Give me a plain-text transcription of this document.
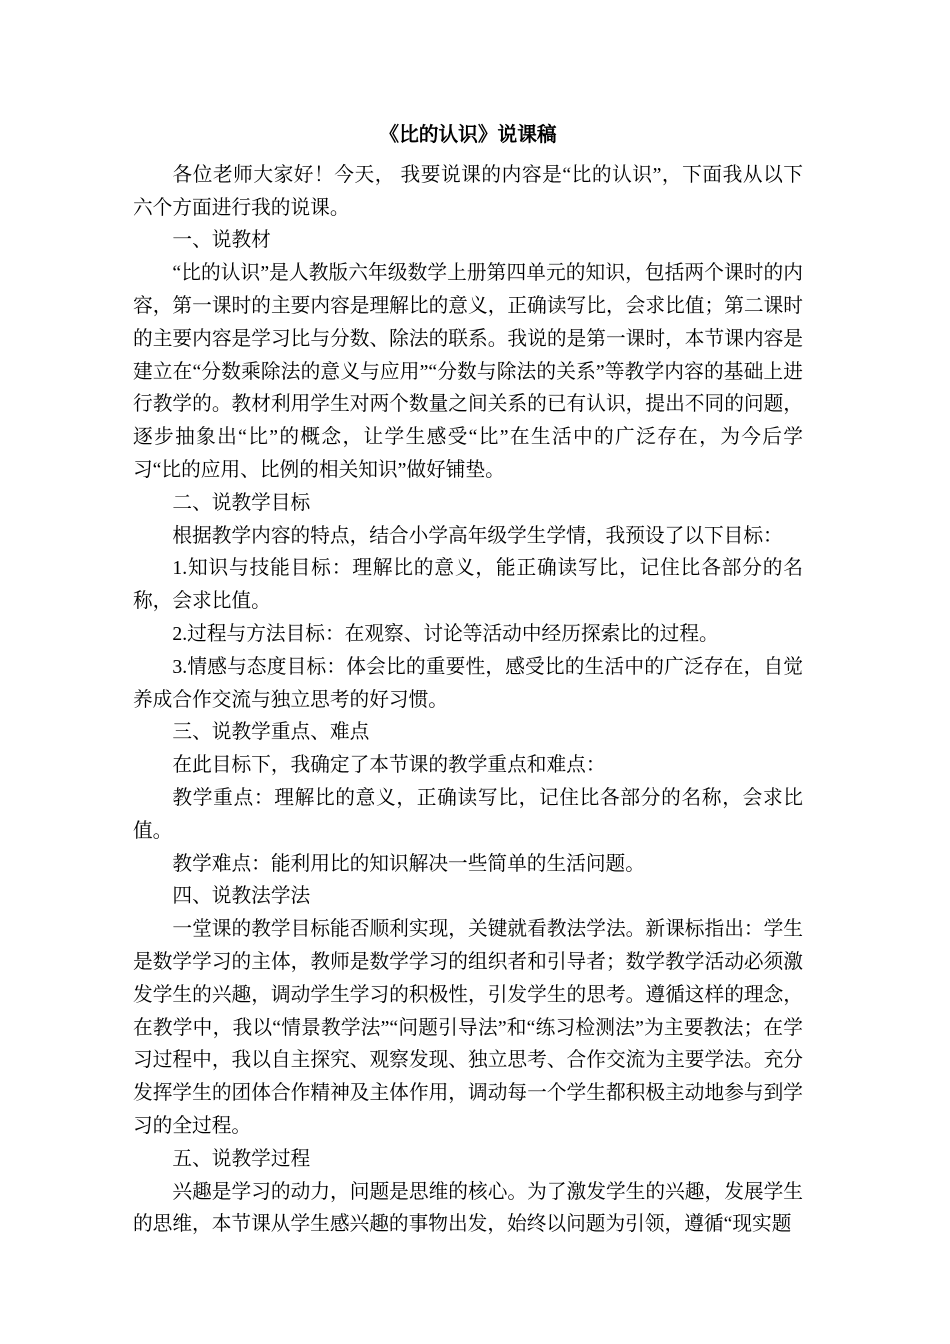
《比的认识》说课稿

各位老师大家好！今天， 我要说课的内容是“比的认识”，下面我从以下六个方面进行我的说课。

一、说教材

“比的认识”是人教版六年级数学上册第四单元的知识，包括两个课时的内容，第一课时的主要内容是理解比的意义，正确读写比，会求比值；第二课时的主要内容是学习比与分数、除法的联系。我说的是第一课时，本节课内容是建立在“分数乘除法的意义与应用”“分数与除法的关系”等教学内容的基础上进行教学的。教材利用学生对两个数量之间关系的已有认识，提出不同的问题，逐步抽象出“比”的概念，让学生感受“比”在生活中的广泛存在，为今后学习“比的应用、比例的相关知识”做好铺垫。

二、说教学目标

根据教学内容的特点，结合小学高年级学生学情，我预设了以下目标：

1.知识与技能目标：理解比的意义，能正确读写比，记住比各部分的名称，会求比值。

2.过程与方法目标：在观察、讨论等活动中经历探索比的过程。

3.情感与态度目标：体会比的重要性，感受比的生活中的广泛存在，自觉养成合作交流与独立思考的好习惯。

三、说教学重点、难点

在此目标下，我确定了本节课的教学重点和难点：

教学重点：理解比的意义，正确读写比，记住比各部分的名称，会求比值。

教学难点：能利用比的知识解决一些简单的生活问题。

四、说教法学法

一堂课的教学目标能否顺利实现，关键就看教法学法。新课标指出：学生是数学学习的主体，教师是数学学习的组织者和引导者；数学教学活动必须激发学生的兴趣，调动学生学习的积极性，引发学生的思考。遵循这样的理念，在教学中，我以“情景教学法”“问题引导法”和“练习检测法”为主要教法；在学习过程中，我以自主探究、观察发现、独立思考、合作交流为主要学法。充分发挥学生的团体合作精神及主体作用，调动每一个学生都积极主动地参与到学习的全过程。

五、说教学过程

兴趣是学习的动力，问题是思维的核心。为了激发学生的兴趣，发展学生的思维，本节课从学生感兴趣的事物出发，始终以问题为引领，遵循“现实题
